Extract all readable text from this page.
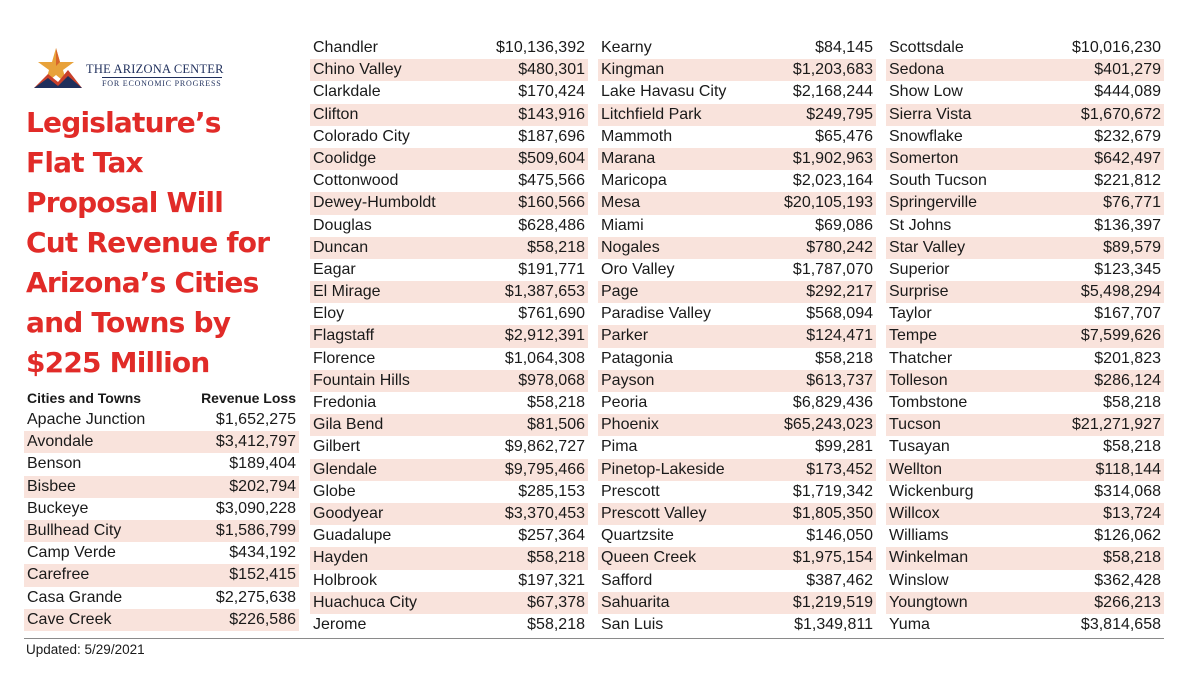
THE ARIZONA CENTER
FOR ECONOMIC PROGRESS
Legislature’s
Flat Tax
Proposal Will
Cut Revenue for
Arizona’s Cities
and Towns by
$225 Million
Cities and Towns	Revenue Loss
Apache Junction	$1,652,275
Avondale	$3,412,797
Benson	$189,404
Bisbee	$202,794
Buckeye	$3,090,228
Bullhead City	$1,586,799
Camp Verde	$434,192
Carefree	$152,415
Casa Grande	$2,275,638
Cave Creek	$226,586
Chandler	$10,136,392
Chino Valley	$480,301
Clarkdale	$170,424
Clifton	$143,916
Colorado City	$187,696
Coolidge	$509,604
Cottonwood	$475,566
Dewey-Humboldt	$160,566
Douglas	$628,486
Duncan	$58,218
Eagar	$191,771
El Mirage	$1,387,653
Eloy	$761,690
Flagstaff	$2,912,391
Florence	$1,064,308
Fountain Hills	$978,068
Fredonia	$58,218
Gila Bend	$81,506
Gilbert	$9,862,727
Glendale	$9,795,466
Globe	$285,153
Goodyear	$3,370,453
Guadalupe	$257,364
Hayden	$58,218
Holbrook	$197,321
Huachuca City	$67,378
Jerome	$58,218
Kearny	$84,145
Kingman	$1,203,683
Lake Havasu City	$2,168,244
Litchfield Park	$249,795
Mammoth	$65,476
Marana	$1,902,963
Maricopa	$2,023,164
Mesa	$20,105,193
Miami	$69,086
Nogales	$780,242
Oro Valley	$1,787,070
Page	$292,217
Paradise Valley	$568,094
Parker	$124,471
Patagonia	$58,218
Payson	$613,737
Peoria	$6,829,436
Phoenix	$65,243,023
Pima	$99,281
Pinetop-Lakeside	$173,452
Prescott	$1,719,342
Prescott Valley	$1,805,350
Quartzsite	$146,050
Queen Creek	$1,975,154
Safford	$387,462
Sahuarita	$1,219,519
San Luis	$1,349,811
Scottsdale	$10,016,230
Sedona	$401,279
Show Low	$444,089
Sierra Vista	$1,670,672
Snowflake	$232,679
Somerton	$642,497
South Tucson	$221,812
Springerville	$76,771
St Johns	$136,397
Star Valley	$89,579
Superior	$123,345
Surprise	$5,498,294
Taylor	$167,707
Tempe	$7,599,626
Thatcher	$201,823
Tolleson	$286,124
Tombstone	$58,218
Tucson	$21,271,927
Tusayan	$58,218
Wellton	$118,144
Wickenburg	$314,068
Willcox	$13,724
Williams	$126,062
Winkelman	$58,218
Winslow	$362,428
Youngtown	$266,213
Yuma	$3,814,658
Updated: 5/29/2021
